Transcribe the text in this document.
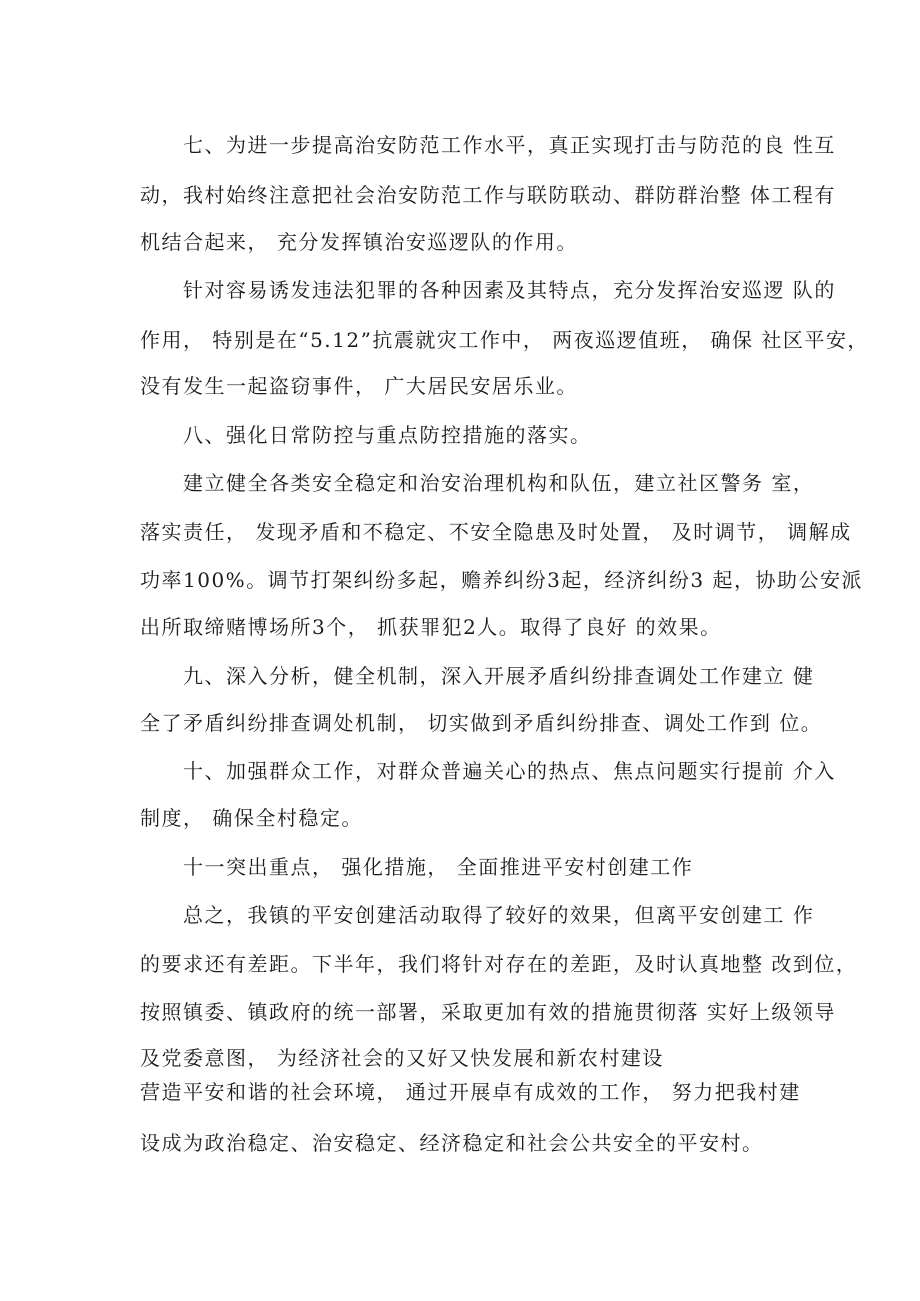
七、为进一步提高治安防范工作水平，真正实现打击与防范的良 性互
动，我村始终注意把社会治安防范工作与联防联动、群防群治整 体工程有
机结合起来， 充分发挥镇治安巡逻队的作用。
针对容易诱发违法犯罪的各种因素及其特点，充分发挥治安巡逻 队的
作用， 特别是在“5.12”抗震就灾工作中， 两夜巡逻值班， 确保 社区平安，
没有发生一起盗窃事件， 广大居民安居乐业。
八、强化日常防控与重点防控措施的落实。
建立健全各类安全稳定和治安治理机构和队伍，建立社区警务 室，
落实责任， 发现矛盾和不稳定、不安全隐患及时处置， 及时调节， 调解成
功率100%。调节打架纠纷多起，赡养纠纷3起，经济纠纷3 起，协助公安派
出所取缔赌博场所3个， 抓获罪犯2人。取得了良好 的效果。
九、深入分析，健全机制，深入开展矛盾纠纷排查调处工作建立 健
全了矛盾纠纷排查调处机制， 切实做到矛盾纠纷排查、调处工作到 位。
十、加强群众工作，对群众普遍关心的热点、焦点问题实行提前 介入
制度， 确保全村稳定。
十一突出重点， 强化措施， 全面推进平安村创建工作
总之，我镇的平安创建活动取得了较好的效果，但离平安创建工 作
的要求还有差距。下半年，我们将针对存在的差距，及时认真地整 改到位，
按照镇委、镇政府的统一部署，采取更加有效的措施贯彻落 实好上级领导
及党委意图， 为经济社会的又好又快发展和新农村建设
营造平安和谐的社会环境， 通过开展卓有成效的工作， 努力把我村建
设成为政治稳定、治安稳定、经济稳定和社会公共安全的平安村。
